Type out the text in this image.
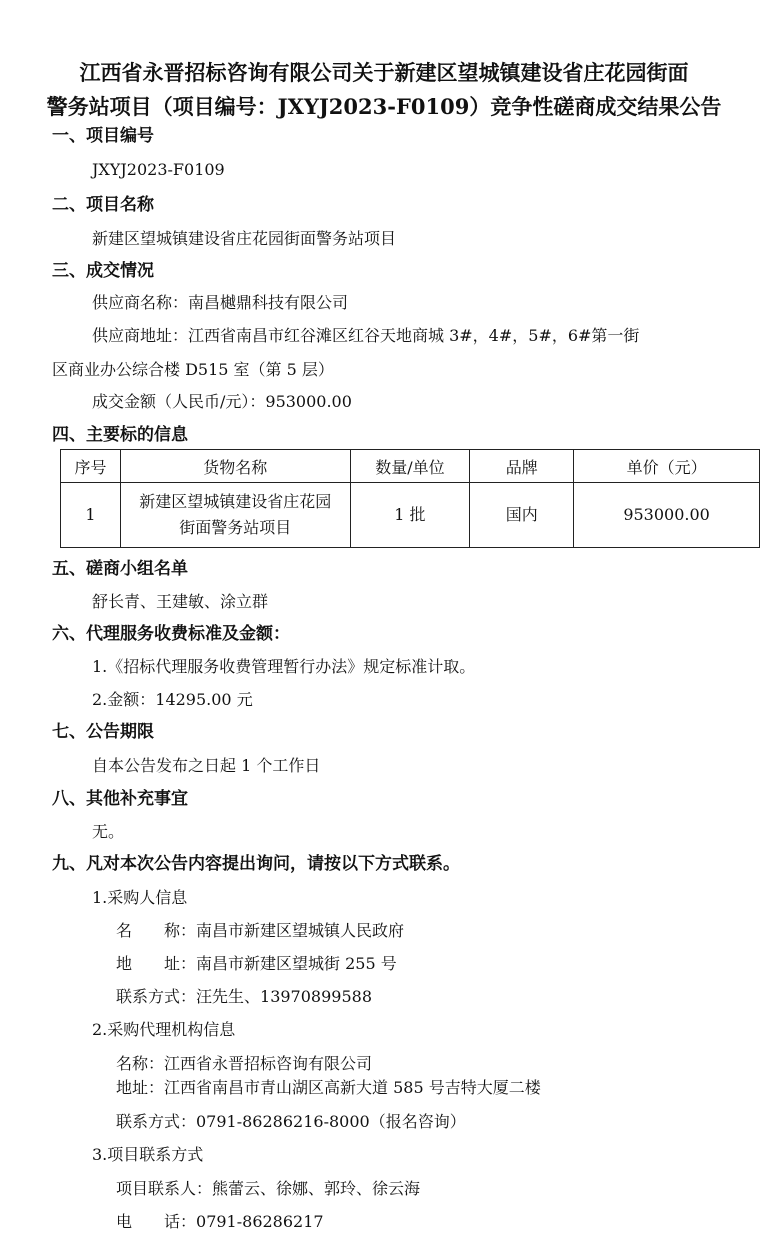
江西省永晋招标咨询有限公司关于新建区望城镇建设省庄花园街面
警务站项目（项目编号：JXYJ2023-F0109）竞争性磋商成交结果公告
一、项目编号
JXYJ2023-F0109
二、项目名称
新建区望城镇建设省庄花园街面警务站项目
三、成交情况
供应商名称：南昌樾鼎科技有限公司
供应商地址：江西省南昌市红谷滩区红谷天地商城 3#，4#，5#，6#第一街
区商业办公综合楼 D515 室（第 5 层）
成交金额（人民币/元）：953000.00
四、主要标的信息
序号	货物名称	数量/单位	品牌	单价（元）
1	新建区望城镇建设省庄花园街面警务站项目	1 批	国内	953000.00
五、磋商小组名单
舒长青、王建敏、涂立群
六、代理服务收费标准及金额：
1.《招标代理服务收费管理暂行办法》规定标准计取。
2.金额：14295.00 元
七、公告期限
自本公告发布之日起 1 个工作日
八、其他补充事宜
无。
九、凡对本次公告内容提出询问，请按以下方式联系。
1.采购人信息
名　　称：南昌市新建区望城镇人民政府
地　　址：南昌市新建区望城街 255 号
联系方式：汪先生、13970899588
2.采购代理机构信息
名称：江西省永晋招标咨询有限公司
地址：江西省南昌市青山湖区高新大道 585 号吉特大厦二楼
联系方式：0791-86286216-8000（报名咨询）
3.项目联系方式
项目联系人：熊蕾云、徐娜、郭玲、徐云海
电　　话：0791-86286217
